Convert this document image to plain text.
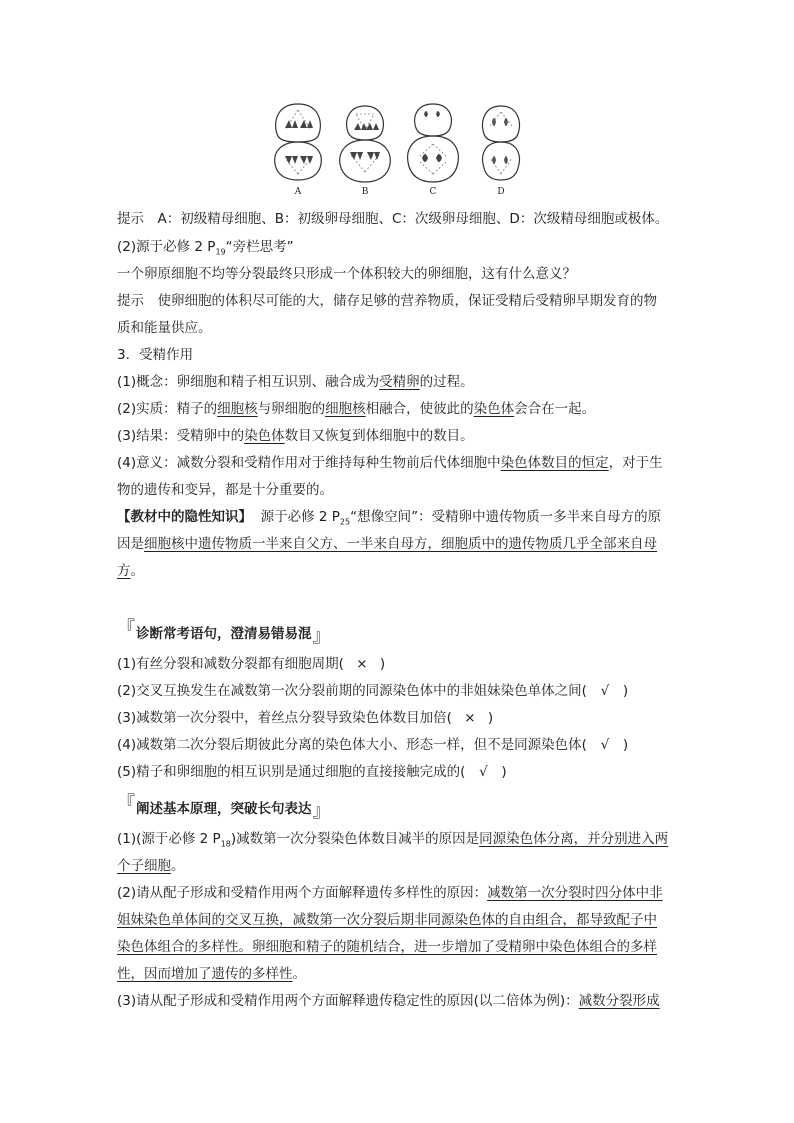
A	B	C	D
提示　A：初级精母细胞、B：初级卵母细胞、C：次级卵母细胞、D：次级精母细胞或极体。
(2)源于必修 2 $P_{19}“$旁栏思考”
一个卵原细胞不均等分裂最终只形成一个体积较大的卵细胞，这有什么意义？
提示　使卵细胞的体积尽可能的大，储存足够的营养物质，保证受精后受精卵早期发育的物
质和能量供应。
3．受精作用
(1)概念：卵细胞和精子相互识别、融合成为受精卵的过程。
(2)实质：精子的细胞核与卵细胞的细胞核相融合，使彼此的染色体会合在一起。
(3)结果：受精卵中的染色体数目又恢复到体细胞中的数目。
(4)意义：减数分裂和受精作用对于维持每种生物前后代体细胞中染色体数目的恒定，对于生
物的遗传和变异，都是十分重要的。
【教材中的隐性知识】 源于必修 2 $P_{25}“$想像空间”：受精卵中遗传物质一多半来自母方的原
因是细胞核中遗传物质一半来自父方、一半来自母方，细胞质中的遗传物质几乎全部来自母
方。
『诊断常考语句，澄清易错易混』
(1)有丝分裂和减数分裂都有细胞周期( × )
(2)交叉互换发生在减数第一次分裂前期的同源染色体中的非姐妹染色单体之间( √ )
(3)减数第一次分裂中，着丝点分裂导致染色体数目加倍( × )
(4)减数第二次分裂后期彼此分离的染色体大小、形态一样，但不是同源染色体( √ )
(5)精子和卵细胞的相互识别是通过细胞的直接接触完成的( √ )
『阐述基本原理，突破长句表达』
(1)(源于必修 2 $P_{18}$)减数第一次分裂染色体数目减半的原因是同源染色体分离，并分别进入两
个子细胞。
(2)请从配子形成和受精作用两个方面解释遗传多样性的原因：减数第一次分裂时四分体中非
姐妹染色单体间的交叉互换，减数第一次分裂后期非同源染色体的自由组合，都导致配子中
染色体组合的多样性。卵细胞和精子的随机结合，进一步增加了受精卵中染色体组合的多样
性，因而增加了遗传的多样性。
(3)请从配子形成和受精作用两个方面解释遗传稳定性的原因(以二倍体为例)：减数分裂形成
